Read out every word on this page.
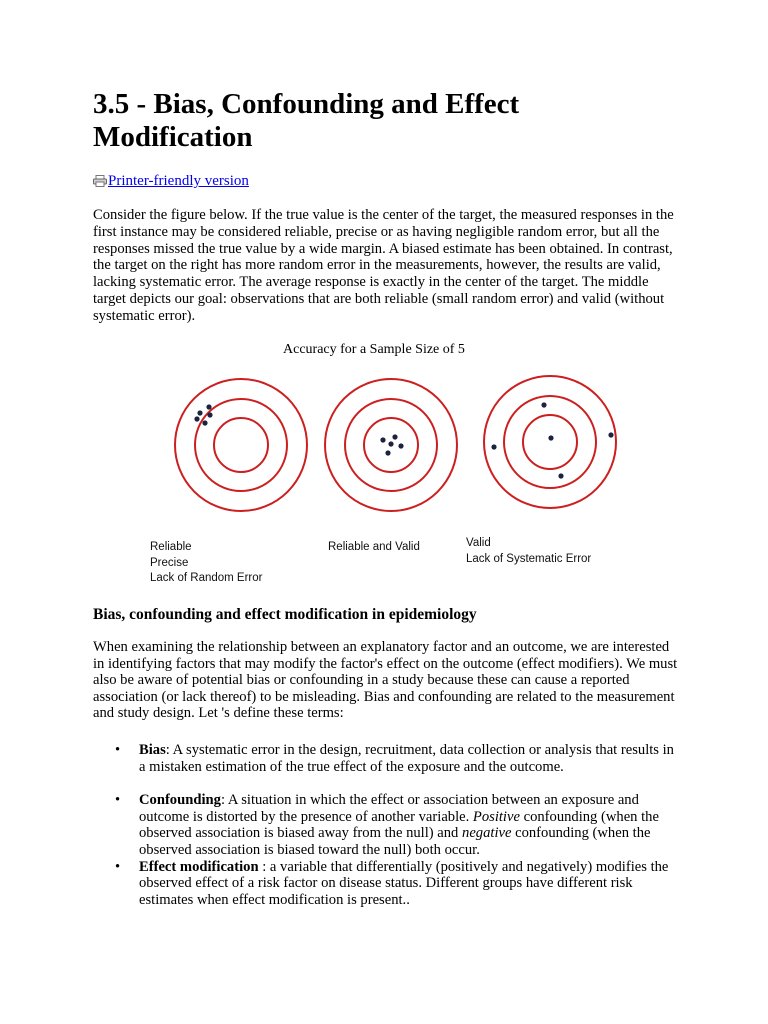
3.5 - Bias, Confounding and Effect Modification
Printer-friendly version

Consider the figure below. If the true value is the center of the target, the measured responses in the first instance may be considered reliable, precise or as having negligible random error, but all the responses missed the true value by a wide margin. A biased estimate has been obtained. In contrast, the target on the right has more random error in the measurements, however, the results are valid, lacking systematic error. The average response is exactly in the center of the target. The middle target depicts our goal: observations that are both reliable (small random error) and valid (without systematic error).

Accuracy for a Sample Size of 5
Reliable
Precise
Lack of Random Error
Reliable and Valid	Valid
Lack of Systematic Error
Bias, confounding and effect modification in epidemiology

When examining the relationship between an explanatory factor and an outcome, we are interested in identifying factors that may modify the factor's effect on the outcome (effect modifiers). We must also be aware of potential bias or confounding in a study because these can cause a reported association (or lack thereof) to be misleading. Bias and confounding are related to the measurement and study design. Let 's define these terms:

• Bias: A systematic error in the design, recruitment, data collection or analysis that results in a mistaken estimation of the true effect of the exposure and the outcome.
• Confounding: A situation in which the effect or association between an exposure and outcome is distorted by the presence of another variable. Positive confounding (when the observed association is biased away from the null) and negative confounding (when the observed association is biased toward the null) both occur.
• Effect modification : a variable that differentially (positively and negatively) modifies the observed effect of a risk factor on disease status. Different groups have different risk estimates when effect modification is present..
